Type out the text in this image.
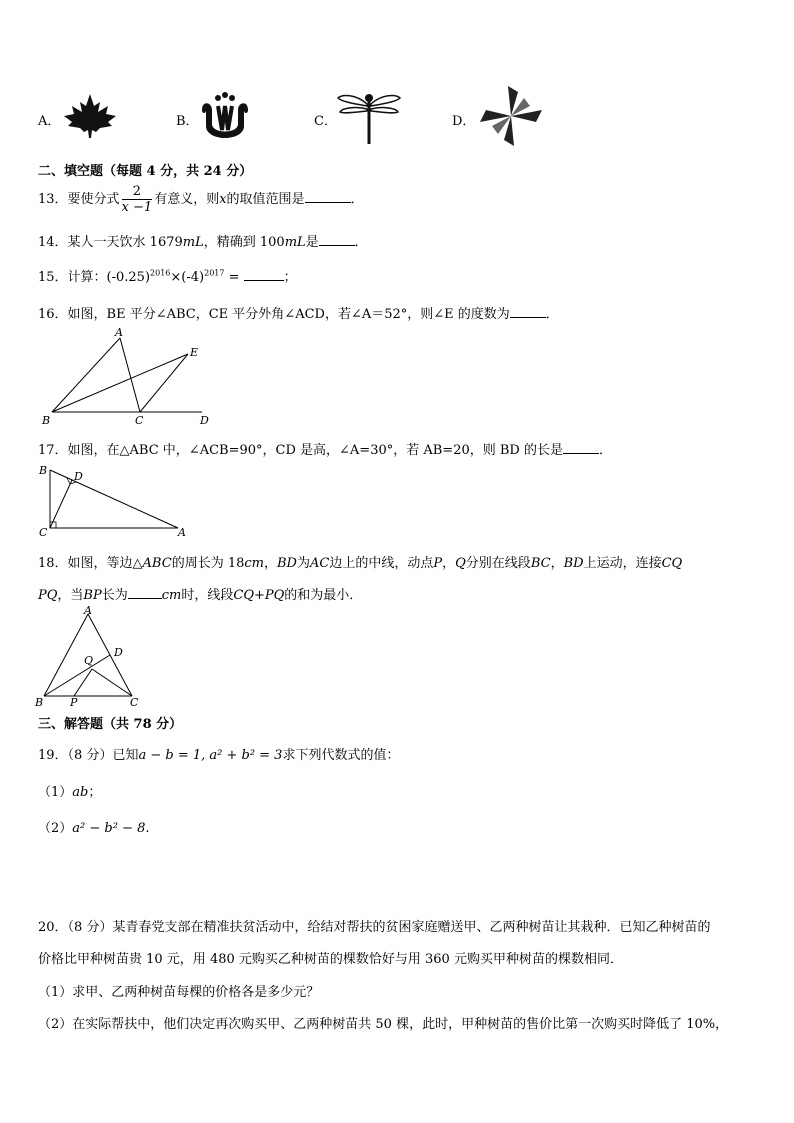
A．	B．	C．	D．
二、填空题（每题 4 分，共 24 分）
13．要使分式 $\frac{2}{x -1}$ 有意义，则x的取值范围是	．
14．某人一天饮水 1679mL，精确到 100mL是	．
15．计算：$(-0.25)^{2016}\times(-4)^{2017}$ =	；
16．如图，BE 平分∠ABC，CE 平分外角∠ACD，若∠A＝52°，则∠E 的度数为	．
A
B	C	D
E
17．如图，在△ABC 中，∠ACB=90°，CD 是高，∠A=30°，若 AB=20，则 BD 的长是	．
B D
C	A
18．如图，等边△ABC的周长为 18cm，BD为AC边上的中线，动点P，Q分别在线段BC，BD上运动，连接CQ
PQ，当BP长为	cm时，线段CQ+PQ的和为最小．
A
B	C
D
P
Q
三、解答题（共 78 分）
19．（8 分）已知a − b = 1, a² + b² = 3求下列代数式的值：
（1）ab；
（2）a² − b² − 8.
20．（8 分）某青春党支部在精准扶贫活动中，给结对帮扶的贫困家庭赠送甲、乙两种树苗让其栽种．已知乙种树苗的
价格比甲种树苗贵 10 元，用 480 元购买乙种树苗的棵数恰好与用 360 元购买甲种树苗的棵数相同．
（1）求甲、乙两种树苗每棵的价格各是多少元？
（2）在实际帮扶中，他们决定再次购买甲、乙两种树苗共 50 棵，此时，甲种树苗的售价比第一次购买时降低了 10%，
